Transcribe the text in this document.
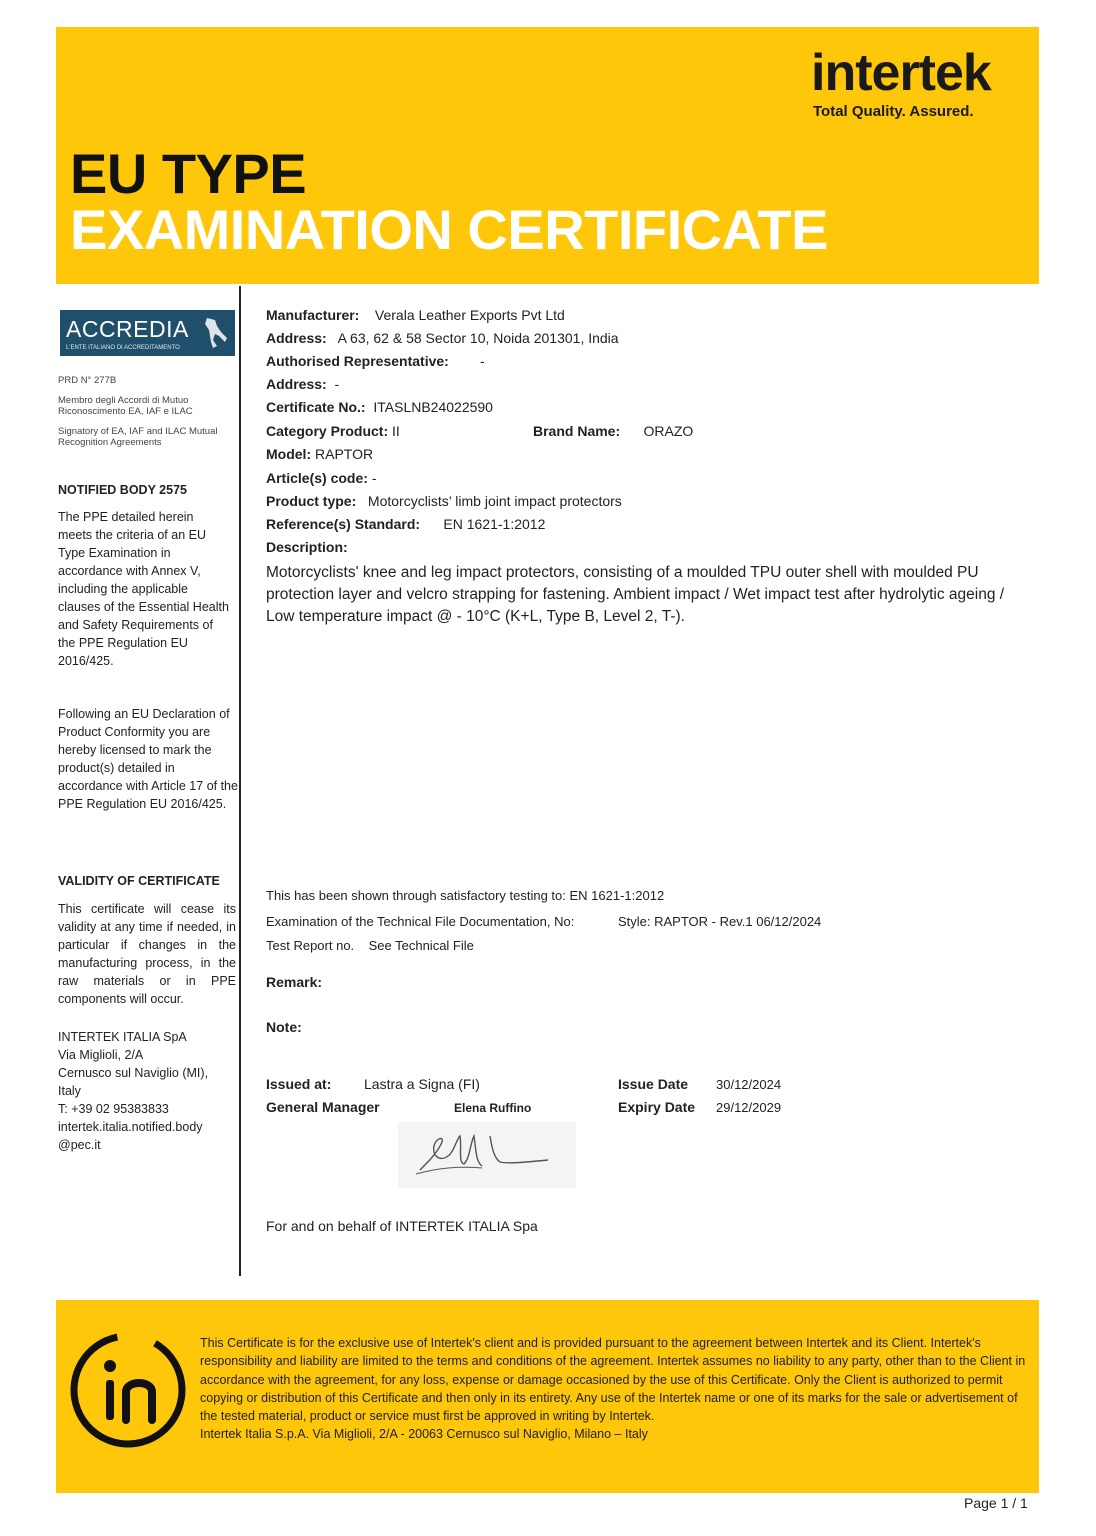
intertek
Total Quality. Assured.
EU TYPE
EXAMINATION CERTIFICATE
ACCREDIA
L'ENTE ITALIANO DI ACCREDITAMENTO
PRD N° 277B
Membro degli Accordi di Mutuo Riconoscimento EA, IAF e ILAC
Signatory of EA, IAF and ILAC Mutual Recognition Agreements
NOTIFIED BODY 2575
The PPE detailed herein meets the criteria of an EU Type Examination in accordance with Annex V, including the applicable clauses of the Essential Health and Safety Requirements of the PPE Regulation EU 2016/425.
Following an EU Declaration of Product Conformity you are hereby licensed to mark the product(s) detailed in accordance with Article 17 of the PPE Regulation EU 2016/425.
VALIDITY OF CERTIFICATE
This certificate will cease its validity at any time if needed, in particular if changes in the manufacturing process, in the raw materials or in PPE components will occur.
INTERTEK ITALIA SpA
Via Miglioli, 2/A
Cernusco sul Naviglio (MI),
Italy
T: +39 02 95383833
intertek.italia.notified.body
@pec.it
Manufacturer: Verala Leather Exports Pvt Ltd
Address: A 63, 62 & 58 Sector 10, Noida 201301, India
Authorised Representative: -
Address: -
Certificate No.: ITASLNB24022590
Category Product: II	Brand Name: ORAZO
Model: RAPTOR
Article(s) code: -
Product type: Motorcyclists’ limb joint impact protectors
Reference(s) Standard: EN 1621-1:2012
Description:
Motorcyclists' knee and leg impact protectors, consisting of a moulded TPU outer shell with moulded PU protection layer and velcro strapping for fastening. Ambient impact / Wet impact test after hydrolytic ageing / Low temperature impact @ - 10°C (K+L, Type B, Level 2, T-).
This has been shown through satisfactory testing to: EN 1621-1:2012
Examination of the Technical File Documentation, No:	Style: RAPTOR - Rev.1 06/12/2024
Test Report no. See Technical File
Remark:
Note:
Issued at: Lastra a Signa (FI)	Issue Date 30/12/2024
General Manager	Elena Ruffino	Expiry Date 29/12/2029
For and on behalf of INTERTEK ITALIA Spa
This Certificate is for the exclusive use of Intertek's client and is provided pursuant to the agreement between Intertek and its Client. Intertek's responsibility and liability are limited to the terms and conditions of the agreement. Intertek assumes no liability to any party, other than to the Client in accordance with the agreement, for any loss, expense or damage occasioned by the use of this Certificate. Only the Client is authorized to permit copying or distribution of this Certificate and then only in its entirety. Any use of the Intertek name or one of its marks for the sale or advertisement of the tested material, product or service must first be approved in writing by Intertek.
Intertek Italia S.p.A. Via Miglioli, 2/A - 20063 Cernusco sul Naviglio, Milano – Italy
Page 1 / 1
